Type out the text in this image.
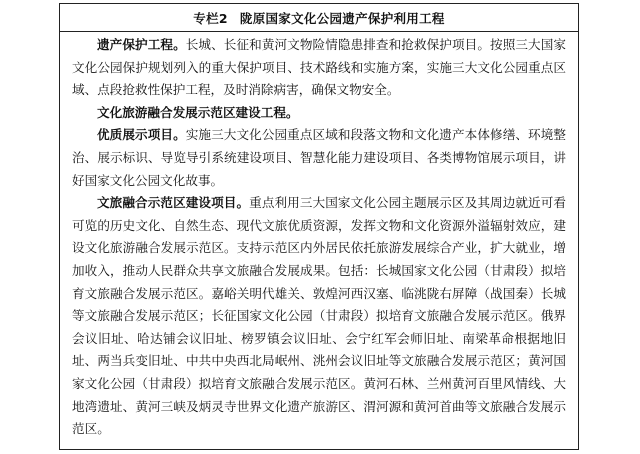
专栏2 陇原国家文化公园遗产保护利用工程

遗产保护工程。长城、长征和黄河文物险情隐患排查和抢救保护项目。按照三大国家文化公园保护规划列入的重大保护项目、技术路线和实施方案，实施三大文化公园重点区域、点段抢救性保护工程，及时消除病害，确保文物安全。

文化旅游融合发展示范区建设工程。

优质展示项目。实施三大文化公园重点区域和段落文物和文化遗产本体修缮、环境整治、展示标识、导览导引系统建设项目、智慧化能力建设项目、各类博物馆展示项目，讲好国家文化公园文化故事。

文旅融合示范区建设项目。重点利用三大国家文化公园主题展示区及其周边就近可看可览的历史文化、自然生态、现代文旅优质资源，发挥文物和文化资源外溢辐射效应，建设文化旅游融合发展示范区。支持示范区内外居民依托旅游发展综合产业，扩大就业，增加收入，推动人民群众共享文旅融合发展成果。包括：长城国家文化公园（甘肃段）拟培育文旅融合发展示范区。嘉峪关明代雄关、敦煌河西汉塞、临洮陇右屏障（战国秦）长城等文旅融合发展示范区；长征国家文化公园（甘肃段）拟培育文旅融合发展示范区。俄界会议旧址、哈达铺会议旧址、榜罗镇会议旧址、会宁红军会师旧址、南梁革命根据地旧址、两当兵变旧址、中共中央西北局岷州、洮州会议旧址等文旅融合发展示范区；黄河国家文化公园（甘肃段）拟培育文旅融合发展示范区。黄河石林、兰州黄河百里风情线、大地湾遗址、黄河三峡及炳灵寺世界文化遗产旅游区、渭河源和黄河首曲等文旅融合发展示范区。
